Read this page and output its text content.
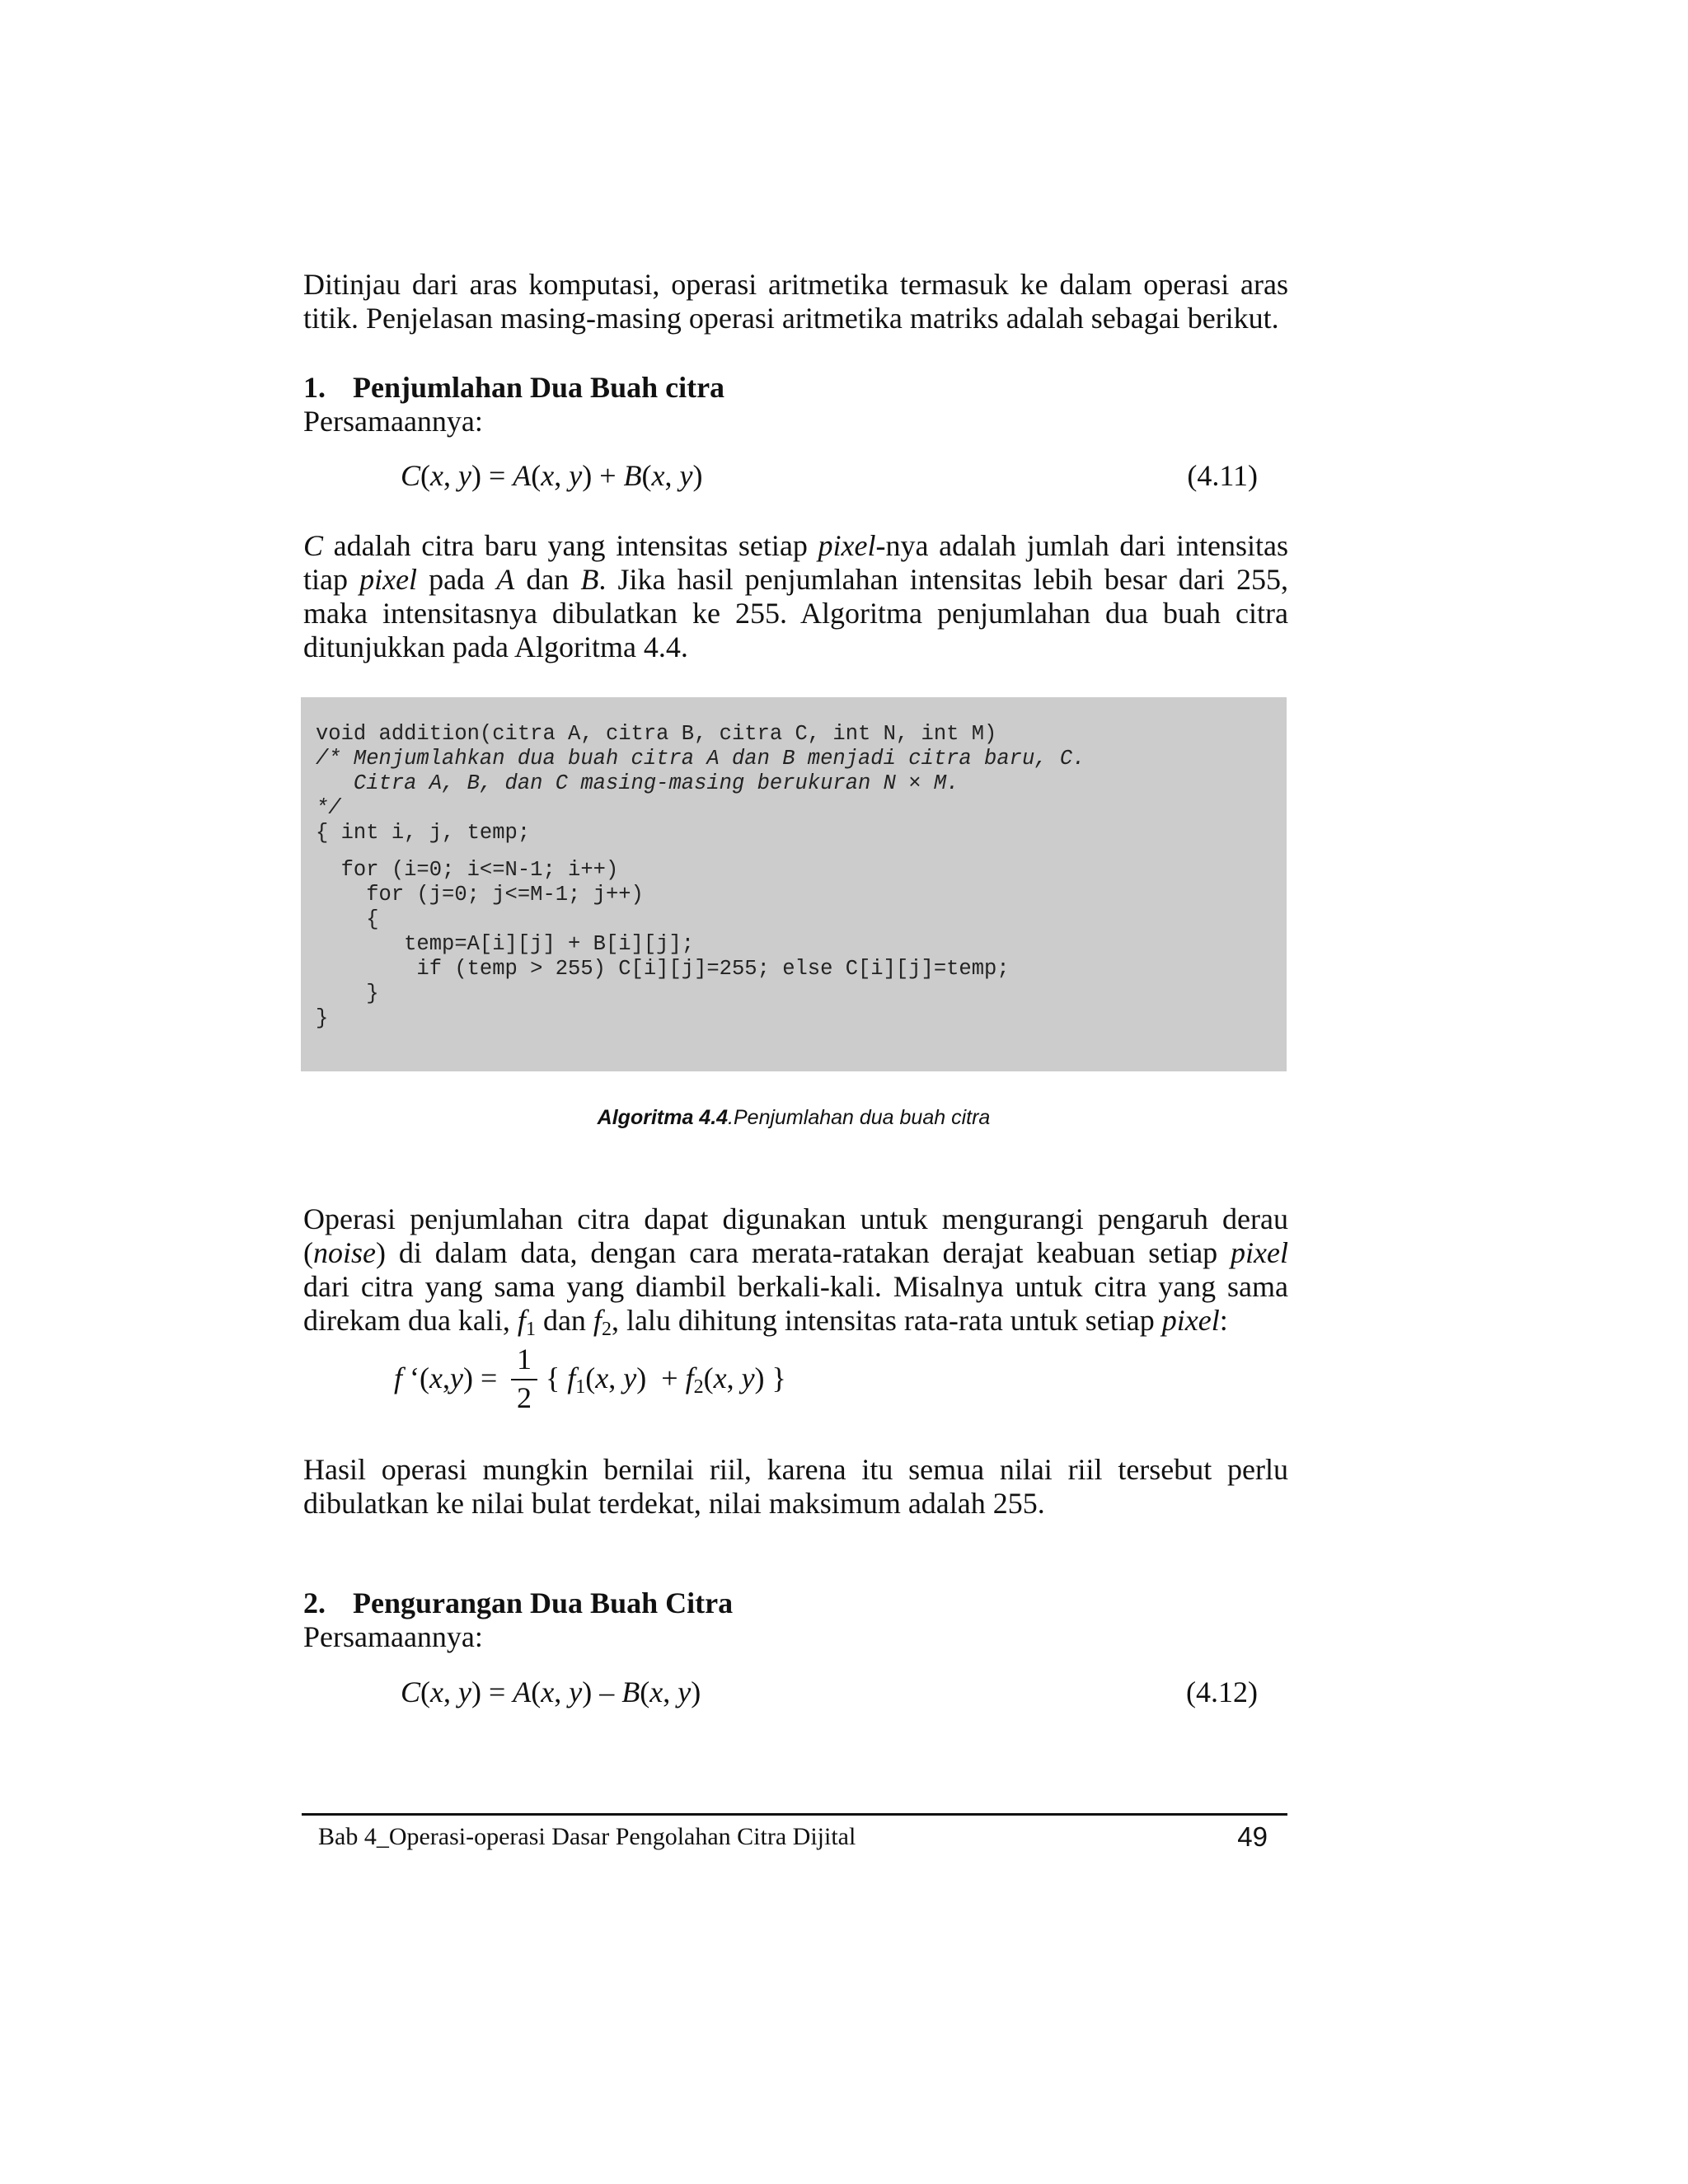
Ditinjau dari aras komputasi, operasi aritmetika termasuk ke dalam operasi aras

titik. Penjelasan masing-masing operasi aritmetika matriks adalah sebagai berikut.

1. Penjumlahan Dua Buah citra

Persamaannya:

C(x, y) = A(x, y) + B(x, y)	(4.11)

C adalah citra baru yang intensitas setiap pixel-nya adalah jumlah dari intensitas

tiap pixel pada A dan B. Jika hasil penjumlahan intensitas lebih besar dari 255,

maka intensitasnya dibulatkan ke 255. Algoritma penjumlahan dua buah citra

ditunjukkan pada Algoritma 4.4.

void addition(citra A, citra B, citra C, int N, int M)
/* Menjumlahkan dua buah citra A dan B menjadi citra baru, C.
Citra A, B, dan C masing-masing berukuran N × M.
*/
{ int i, j, temp;

for (i=0; i<=N-1; i++)
for (j=0; j<=M-1; j++)
{
temp=A[i][j] + B[i][j];
if (temp > 255) C[i][j]=255; else C[i][j]=temp;
}
}
Algoritma 4.4.Penjumlahan dua buah citra

Operasi penjumlahan citra dapat digunakan untuk mengurangi pengaruh derau

(noise) di dalam data, dengan cara merata-ratakan derajat keabuan setiap pixel

dari citra yang sama yang diambil berkali-kali. Misalnya untuk citra yang sama

direkam dua kali, $f_1$ dan $f_2$, lalu dihitung intensitas rata-rata untuk setiap pixel:

f ‘(x,y) =
1
2
{ $f_1(x$, $y) + f_2(x$, y) }

Hasil operasi mungkin bernilai riil, karena itu semua nilai riil tersebut perlu

dibulatkan ke nilai bulat terdekat, nilai maksimum adalah 255.

2. Pengurangan Dua Buah Citra

Persamaannya:

C(x, y) = A(x, y) – B(x, y)	(4.12)
Bab 4_Operasi-operasi Dasar Pengolahan Citra Dijital	49
